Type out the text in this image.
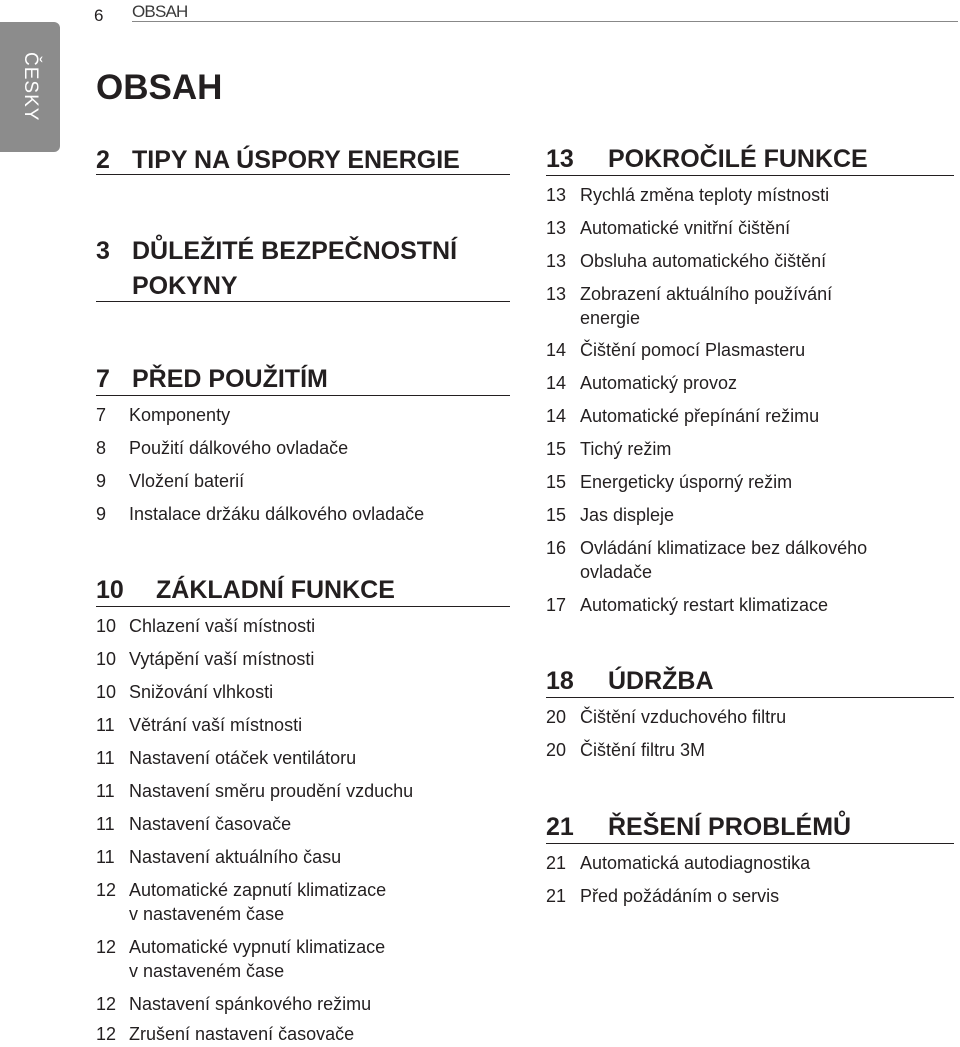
6 OBSAH
ČESKY	OBSAH
2 TIPY NA ÚSPORY ENERGIE
3 DŮLEŽITÉ BEZPEČNOSTNÍ
POKYNY
7 PŘED POUŽITÍM
7 Komponenty
8 Použití dálkového ovladače
9 Vložení baterií
9 Instalace držáku dálkového ovladače
10 ZÁKLADNÍ FUNKCE
10 Chlazení vaší místnosti
10 Vytápění vaší místnosti
10 Snižování vlhkosti
11 Větrání vaší místnosti
11 Nastavení otáček ventilátoru
11 Nastavení směru proudění vzduchu
11 Nastavení časovače
11 Nastavení aktuálního času
12 Automatické zapnutí klimatizace
v nastaveném čase
12 Automatické vypnutí klimatizace
v nastaveném čase
12 Nastavení spánkového režimu
12 Zrušení nastavení časovače
13 POKROČILÉ FUNKCE
13 Rychlá změna teploty místnosti
13 Automatické vnitřní čištění
13 Obsluha automatického čištění
13 Zobrazení aktuálního používání
energie
14 Čištění pomocí Plasmasteru
14 Automatický provoz
14 Automatické přepínání režimu
15 Tichý režim
15 Energeticky úsporný režim
15 Jas displeje
16 Ovládání klimatizace bez dálkového
ovladače
17 Automatický restart klimatizace
18 ÚDRŽBA
20 Čištění vzduchového filtru
20 Čištění filtru 3M
21 ŘEŠENÍ PROBLÉMŮ
21 Automatická autodiagnostika
21 Před požádáním o servis
